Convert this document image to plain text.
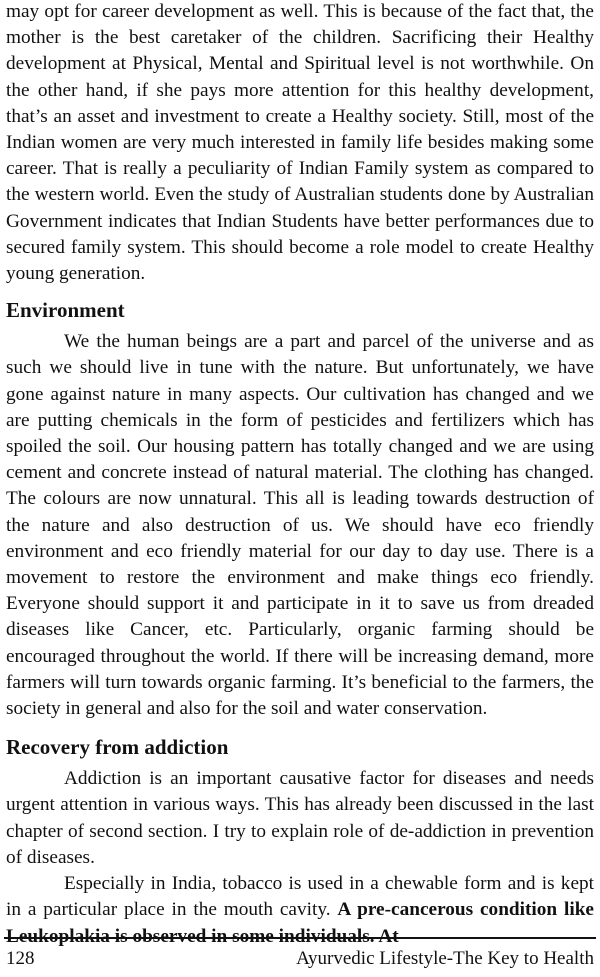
may opt for career development as well. This is because of the fact that, the mother is the best caretaker of the children. Sacrificing their Healthy development at Physical, Mental and Spiritual level is not worthwhile. On the other hand, if she pays more attention for this healthy development, that’s an asset and investment to create a Healthy society. Still, most of the Indian women are very much interested in family life besides making some career. That is really a peculiarity of Indian Family system as compared to the western world. Even the study of Australian students done by Australian Government indicates that Indian Students have better performances due to secured family system. This should become a role model to create Healthy young generation.

Environment

We the human beings are a part and parcel of the universe and as such we should live in tune with the nature. But unfortunately, we have gone against nature in many aspects. Our cultivation has changed and we are putting chemicals in the form of pesticides and fertilizers which has spoiled the soil. Our housing pattern has totally changed and we are using cement and concrete instead of natural material. The clothing has changed. The colours are now unnatural. This all is leading towards destruction of the nature and also destruction of us. We should have eco friendly environment and eco friendly material for our day to day use. There is a movement to restore the environment and make things eco friendly. Everyone should support it and participate in it to save us from dreaded diseases like Cancer, etc. Particularly, organic farming should be encouraged throughout the world. If there will be increasing demand, more farmers will turn towards organic farming. It’s beneficial to the farmers, the society in general and also for the soil and water conservation.

Recovery from addiction

Addiction is an important causative factor for diseases and needs urgent attention in various ways. This has already been discussed in the last chapter of second section. I try to explain role of de-addiction in prevention of diseases.

Especially in India, tobacco is used in a chewable form and is kept in a particular place in the mouth cavity. A pre-cancerous condition like Leukoplakia is observed in some individuals. At

128	Ayurvedic Lifestyle-The Key to Health
